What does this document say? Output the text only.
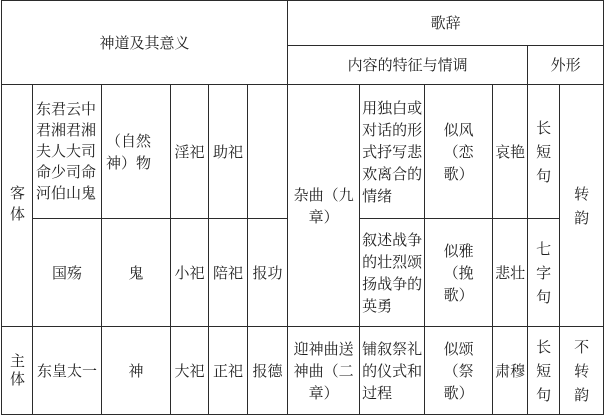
神道及其意义						歌辞					
						内容的特征与情调				外形	

客体	东君云中君湘君湘夫人大司命少司命河伯山鬼	（自然神）物	淫祀	助祀		杂曲（九章）	用独白或对话的形式抒写悲欢离合的情绪	似风（恋歌）	哀艳	长短句	转韵

	国殇	鬼	小祀	陪祀	报功		叙述战争的壮烈颂扬战争的英勇	似雅（挽歌）	悲壮	七字句	

主体	东皇太一	神	大祀	正祀	报德	迎神曲送神曲（二章）	铺叙祭礼的仪式和过程	似颂（祭歌）	肃穆	长短句	不转韵
